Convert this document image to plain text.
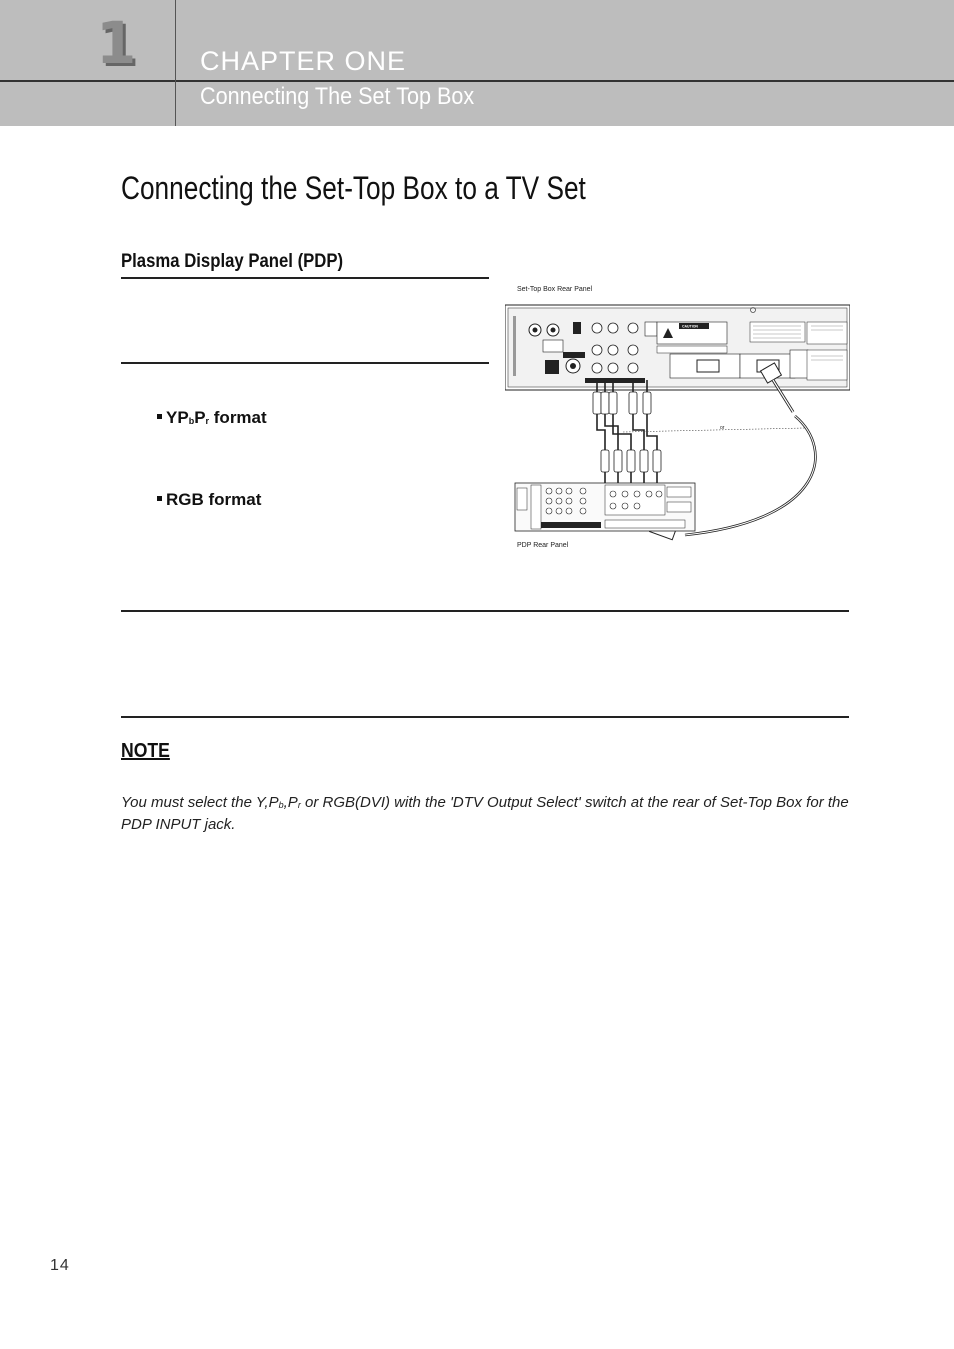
1 CHAPTER ONE
Connecting The Set Top Box
Connecting the Set-Top Box to a TV Set
Plasma Display Panel (PDP)
$YP_bP_r$ format
RGB format
Set-Top Box Rear Panel
CAUTION
or
PDP Rear Panel
NOTE
You must select the $Y,P_b,P_r$ or RGB(DVI) with the 'DTV Output Select' switch at the rear of Set-Top Box for the PDP INPUT jack.
14
